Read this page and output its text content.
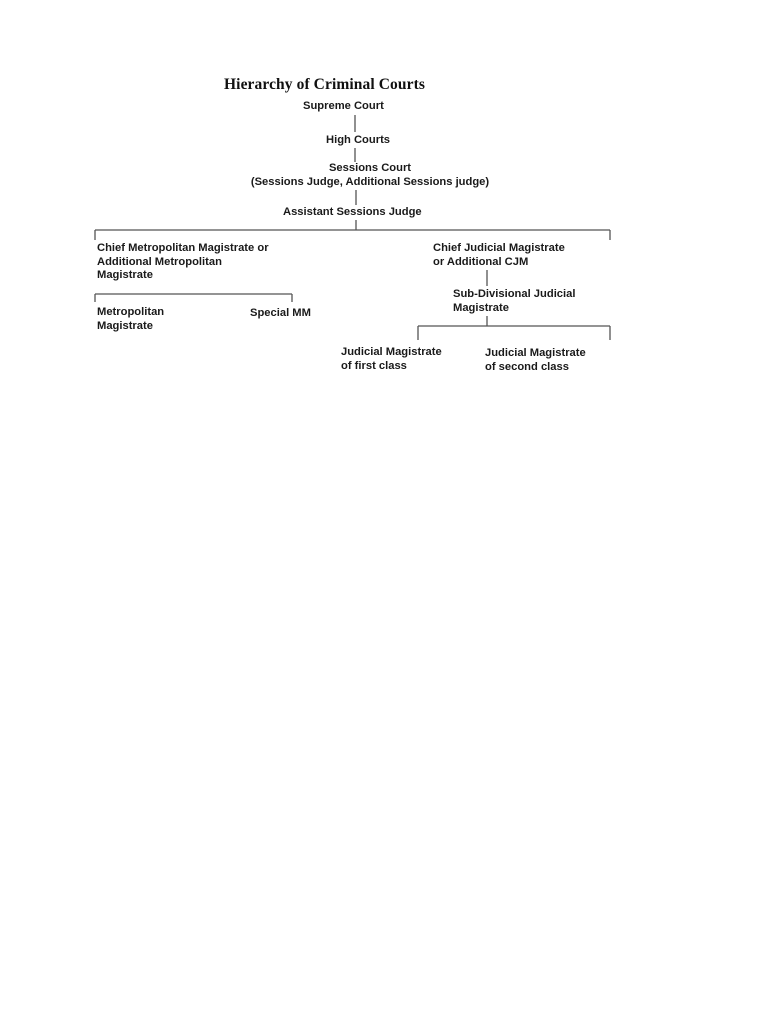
Hierarchy of Criminal Courts
Supreme Court
High Courts
Sessions Court
(Sessions Judge, Additional Sessions judge)
Assistant Sessions Judge
Chief Metropolitan Magistrate or
Additional Metropolitan
Magistrate
Chief Judicial Magistrate
or Additional CJM
Metropolitan
Magistrate
Special MM
Sub-Divisional Judicial
Magistrate
Judicial Magistrate
of first class
Judicial Magistrate
of second class
